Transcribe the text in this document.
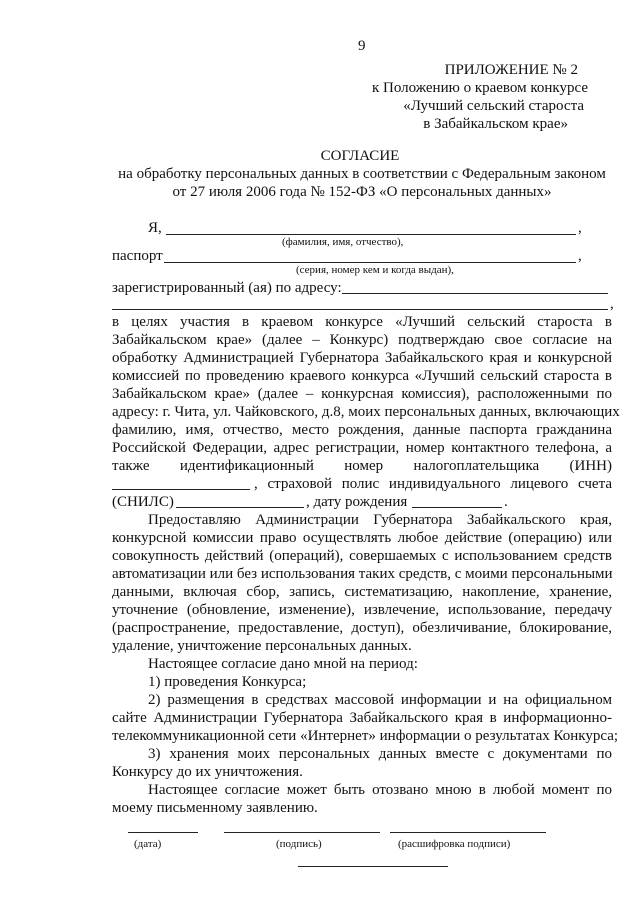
9
ПРИЛОЖЕНИЕ № 2
к Положению о краевом конкурсе
«Лучший сельский староста
в Забайкальском крае»
СОГЛАСИЕ
на обработку персональных данных в соответствии с Федеральным законом
от 27 июля 2006 года № 152-ФЗ «О персональных данных»
Я,	,
(фамилия, имя, отчество),
паспорт	,
(серия, номер кем и когда выдан),
зарегистрированный (ая) по адресу:
,
в целях участия в краевом конкурсе «Лучший сельский староста в
Забайкальском крае» (далее – Конкурс) подтверждаю свое согласие на
обработку Администрацией Губернатора Забайкальского края и конкурсной
комиссией по проведению краевого конкурса «Лучший сельский староста в
Забайкальском крае» (далее – конкурсная комиссия), расположенными по
адресу: г. Чита, ул. Чайковского, д.8, моих персональных данных, включающих
фамилию, имя, отчество, место рождения, данные паспорта гражданина
Российской Федерации, адрес регистрации, номер контактного телефона, а
также идентификационный номер налогоплательщика (ИНН)
, страховой полис индивидуального лицевого счета
(СНИЛС)	, дату рождения	.
Предоставляю Администрации Губернатора Забайкальского края,
конкурсной комиссии право осуществлять любое действие (операцию) или
совокупность действий (операций), совершаемых с использованием средств
автоматизации или без использования таких средств, с моими персональными
данными, включая сбор, запись, систематизацию, накопление, хранение,
уточнение (обновление, изменение), извлечение, использование, передачу
(распространение, предоставление, доступ), обезличивание, блокирование,
удаление, уничтожение персональных данных.
Настоящее согласие дано мной на период:
1) проведения Конкурса;
2) размещения в средствах массовой информации и на официальном
сайте Администрации Губернатора Забайкальского края в информационно-
телекоммуникационной сети «Интернет» информации о результатах Конкурса;
3) хранения моих персональных данных вместе с документами по
Конкурсу до их уничтожения.
Настоящее согласие может быть отозвано мною в любой момент по
моему письменному заявлению.
(дата)	(подпись)	(расшифровка подписи)
